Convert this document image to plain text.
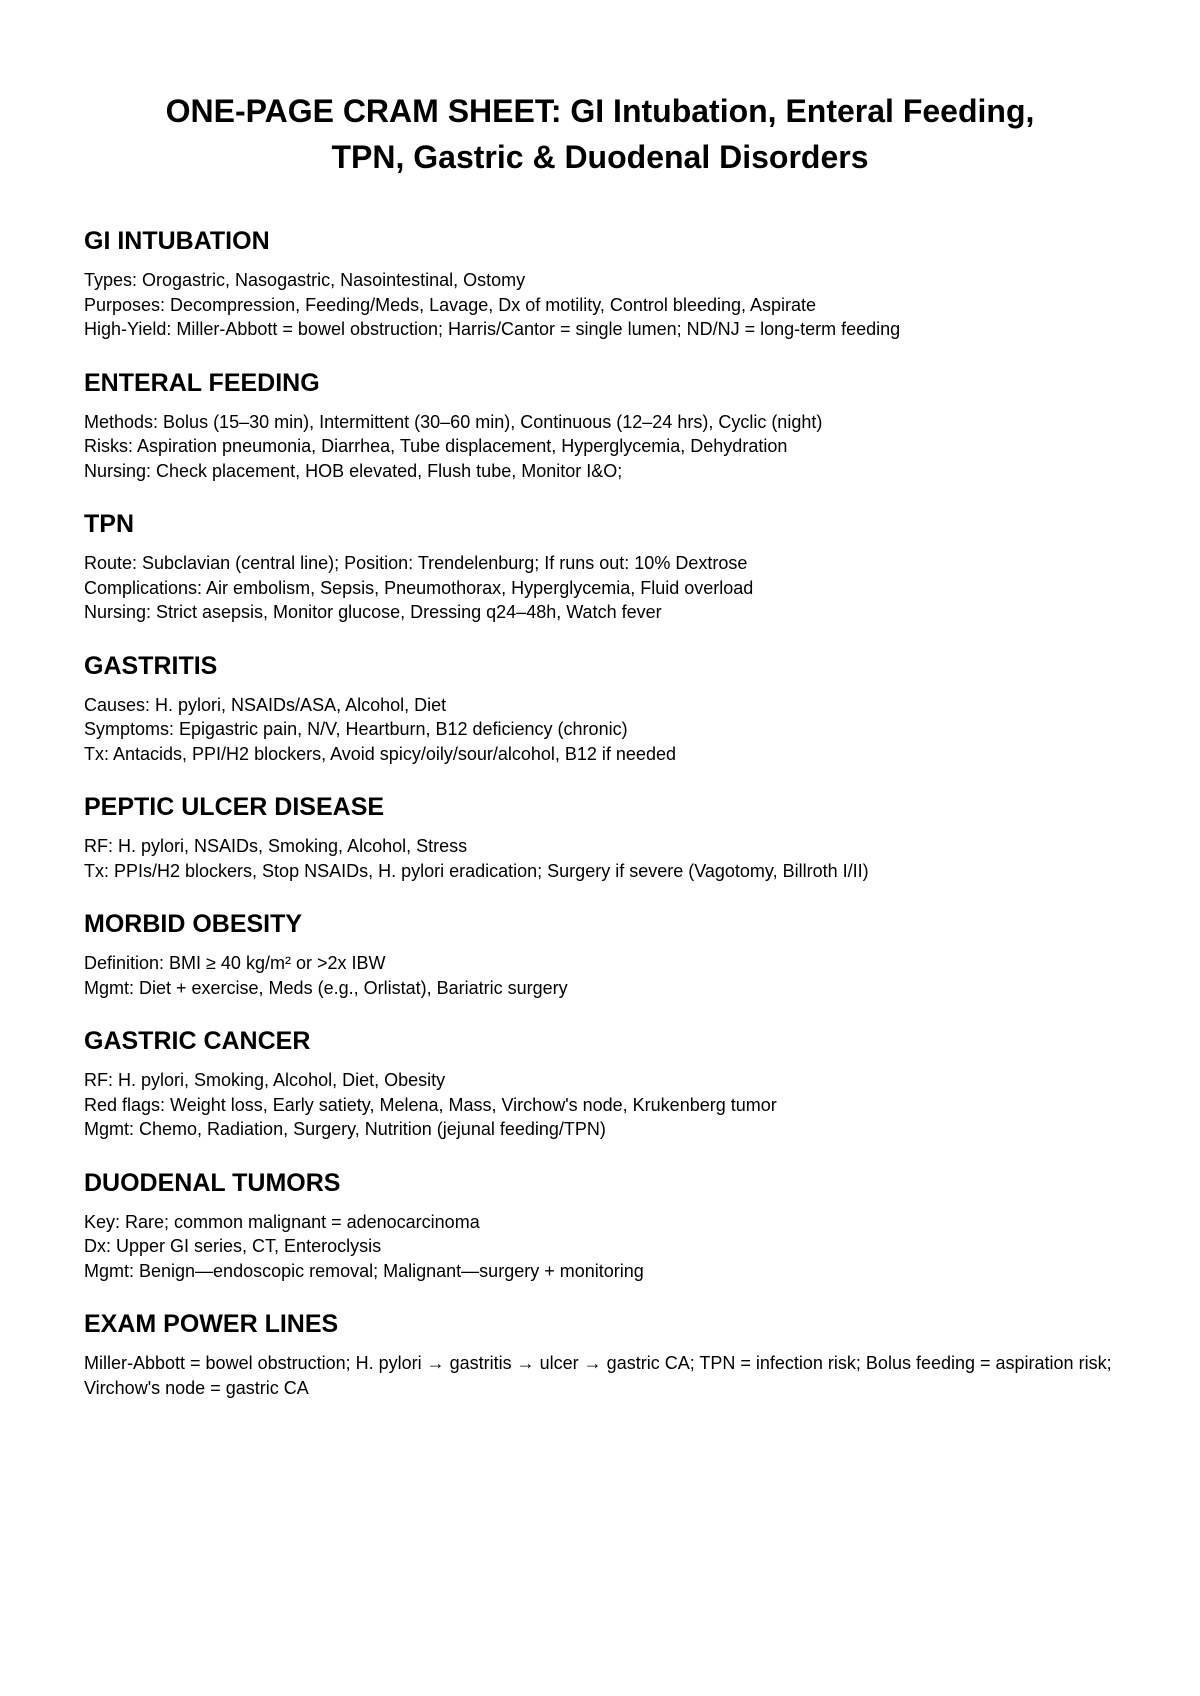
ONE-PAGE CRAM SHEET: GI Intubation, Enteral Feeding,
TPN, Gastric & Duodenal Disorders
GI INTUBATION

Types: Orogastric, Nasogastric, Nasointestinal, Ostomy

Purposes: Decompression, Feeding/Meds, Lavage, Dx of motility, Control bleeding, Aspirate

High-Yield: Miller-Abbott = bowel obstruction; Harris/Cantor = single lumen; ND/NJ = long-term feeding

ENTERAL FEEDING

Methods: Bolus (15–30 min), Intermittent (30–60 min), Continuous (12–24 hrs), Cyclic (night)

Risks: Aspiration pneumonia, Diarrhea, Tube displacement, Hyperglycemia, Dehydration

Nursing: Check placement, HOB elevated, Flush tube, Monitor I&O;

TPN

Route: Subclavian (central line); Position: Trendelenburg; If runs out: 10% Dextrose

Complications: Air embolism, Sepsis, Pneumothorax, Hyperglycemia, Fluid overload

Nursing: Strict asepsis, Monitor glucose, Dressing q24–48h, Watch fever

GASTRITIS

Causes: H. pylori, NSAIDs/ASA, Alcohol, Diet

Symptoms: Epigastric pain, N/V, Heartburn, B12 deficiency (chronic)

Tx: Antacids, PPI/H2 blockers, Avoid spicy/oily/sour/alcohol, B12 if needed

PEPTIC ULCER DISEASE

RF: H. pylori, NSAIDs, Smoking, Alcohol, Stress

Tx: PPIs/H2 blockers, Stop NSAIDs, H. pylori eradication; Surgery if severe (Vagotomy, Billroth I/II)

MORBID OBESITY

Definition: BMI ≥ 40 kg/m² or >2x IBW

Mgmt: Diet + exercise, Meds (e.g., Orlistat), Bariatric surgery

GASTRIC CANCER

RF: H. pylori, Smoking, Alcohol, Diet, Obesity

Red flags: Weight loss, Early satiety, Melena, Mass, Virchow's node, Krukenberg tumor

Mgmt: Chemo, Radiation, Surgery, Nutrition (jejunal feeding/TPN)

DUODENAL TUMORS

Key: Rare; common malignant = adenocarcinoma

Dx: Upper GI series, CT, Enteroclysis

Mgmt: Benign—endoscopic removal; Malignant—surgery + monitoring

EXAM POWER LINES

Miller-Abbott = bowel obstruction; H. pylori → gastritis → ulcer → gastric CA; TPN = infection risk; Bolus feeding = aspiration risk; Virchow's node = gastric CA
